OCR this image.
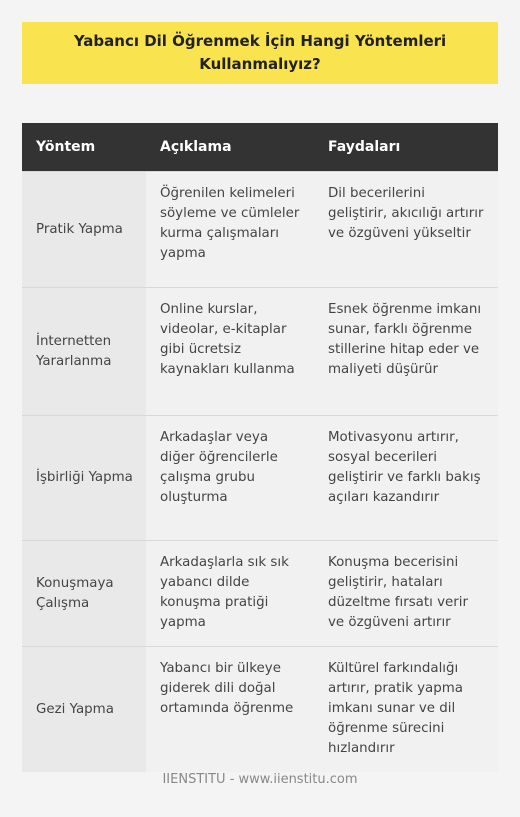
Yabancı Dil Öğrenmek İçin Hangi Yöntemleri Kullanmalıyız?
Yöntem	Açıklama	Faydaları
Pratik Yapma	Öğrenilen kelimeleri söyleme ve cümleler kurma çalışmaları yapma	Dil becerilerini geliştirir, akıcılığı artırır ve özgüveni yükseltir
İnternetten Yararlanma	Online kurslar, videolar, e-kitaplar gibi ücretsiz kaynakları kullanma	Esnek öğrenme imkanı sunar, farklı öğrenme stillerine hitap eder ve maliyeti düşürür
İşbirliği Yapma	Arkadaşlar veya diğer öğrencilerle çalışma grubu oluşturma	Motivasyonu artırır, sosyal becerileri geliştirir ve farklı bakış açıları kazandırır
Konuşmaya Çalışma	Arkadaşlarla sık sık yabancı dilde konuşma pratiği yapma	Konuşma becerisini geliştirir, hataları düzeltme fırsatı verir ve özgüveni artırır
Gezi Yapma	Yabancı bir ülkeye giderek dili doğal ortamında öğrenme	Kültürel farkındalığı artırır, pratik yapma imkanı sunar ve dil öğrenme sürecini hızlandırır
IIENSTITU - www.iienstitu.com
